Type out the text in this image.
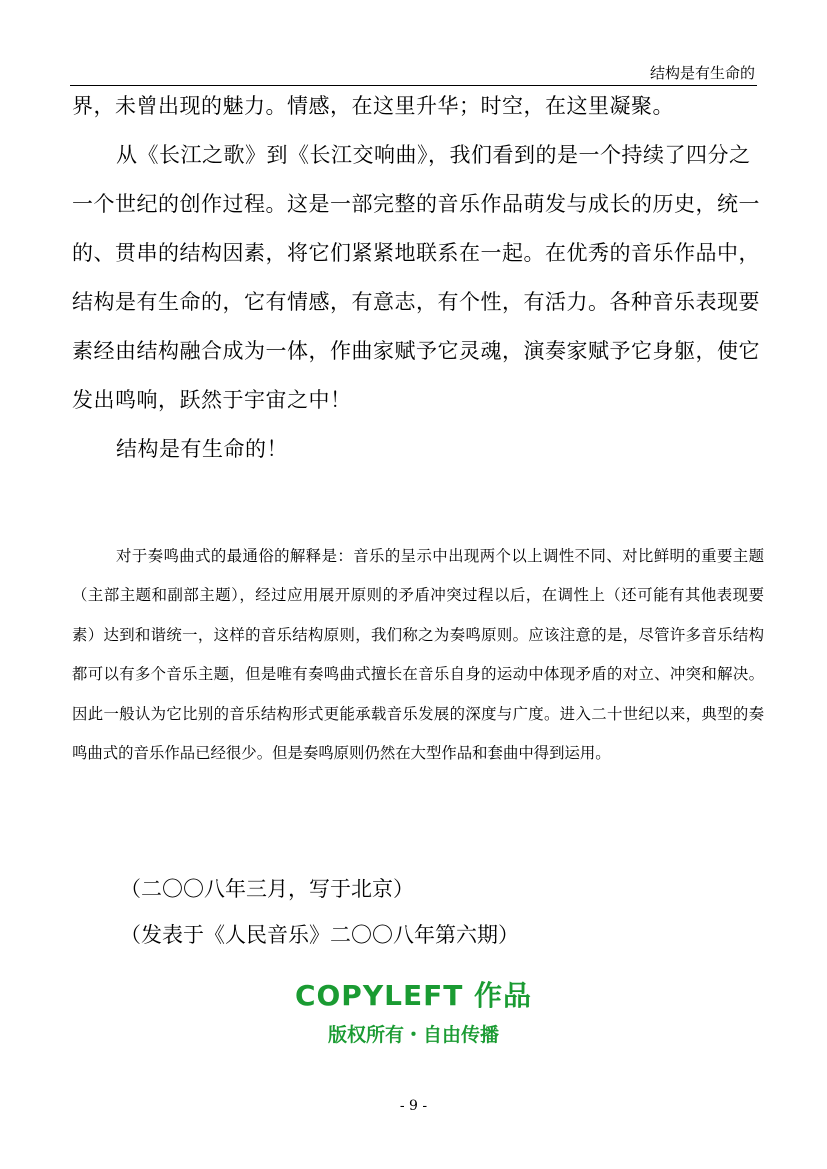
结构是有生命的

界，未曾出现的魅力。情感，在这里升华；时空，在这里凝聚。

从《长江之歌》到《长江交响曲》，我们看到的是一个持续了四分之一个世纪的创作过程。这是一部完整的音乐作品萌发与成长的历史，统一的、贯串的结构因素，将它们紧紧地联系在一起。在优秀的音乐作品中，结构是有生命的，它有情感，有意志，有个性，有活力。各种音乐表现要素经由结构融合成为一体，作曲家赋予它灵魂，演奏家赋予它身躯，使它发出鸣响，跃然于宇宙之中！

结构是有生命的！

对于奏鸣曲式的最通俗的解释是：音乐的呈示中出现两个以上调性不同、对比鲜明的重要主题（主部主题和副部主题），经过应用展开原则的矛盾冲突过程以后，在调性上（还可能有其他表现要素）达到和谐统一，这样的音乐结构原则，我们称之为奏鸣原则。应该注意的是，尽管许多音乐结构都可以有多个音乐主题，但是唯有奏鸣曲式擅长在音乐自身的运动中体现矛盾的对立、冲突和解决。因此一般认为它比别的音乐结构形式更能承载音乐发展的深度与广度。进入二十世纪以来，典型的奏鸣曲式的音乐作品已经很少。但是奏鸣原则仍然在大型作品和套曲中得到运用。

（二〇〇八年三月，写于北京）

（发表于《人民音乐》二〇〇八年第六期）

COPYLEFT 作品
版权所有・自由传播
- 9 -
